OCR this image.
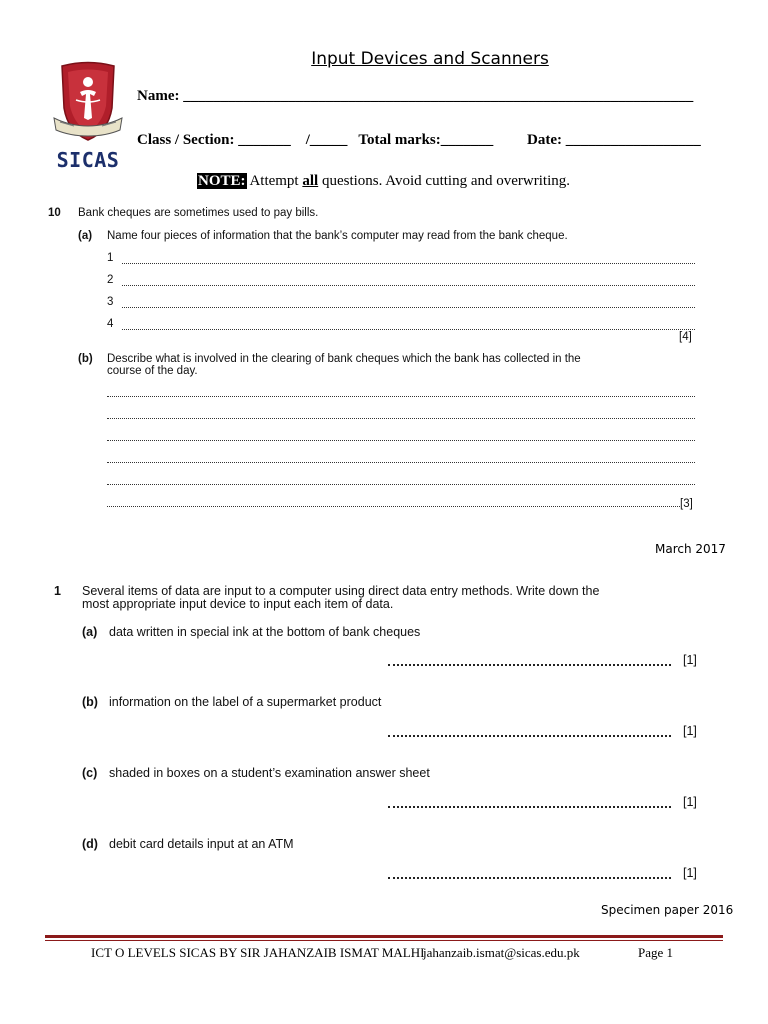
Input Devices and Scanners
SICAS
Name: ____________________________________________________________________
Class / Section: _______    /_____   Total marks:_______         Date: __________________
NOTE: Attempt all questions. Avoid cutting and overwriting.
10 Bank cheques are sometimes used to pay bills.
(a) Name four pieces of information that the bank’s computer may read from the bank cheque.
1
2
3
4
[4]
(b) Describe what is involved in the clearing of bank cheques which the bank has collected in the
course of the day.
[3]
March 2017
1 Several items of data are input to a computer using direct data entry methods. Write down the
most appropriate input device to input each item of data.
(a) data written in special ink at the bottom of bank cheques
[1]
(b) information on the label of a supermarket product
[1]
(c) shaded in boxes on a student’s examination answer sheet
[1]
(d) debit card details input at an ATM
[1]
Specimen paper 2016
ICT O LEVELS SICAS BY SIR JAHANZAIB ISMAT MALHI
jahanzaib.ismat@sicas.edu.pk	Page 1
